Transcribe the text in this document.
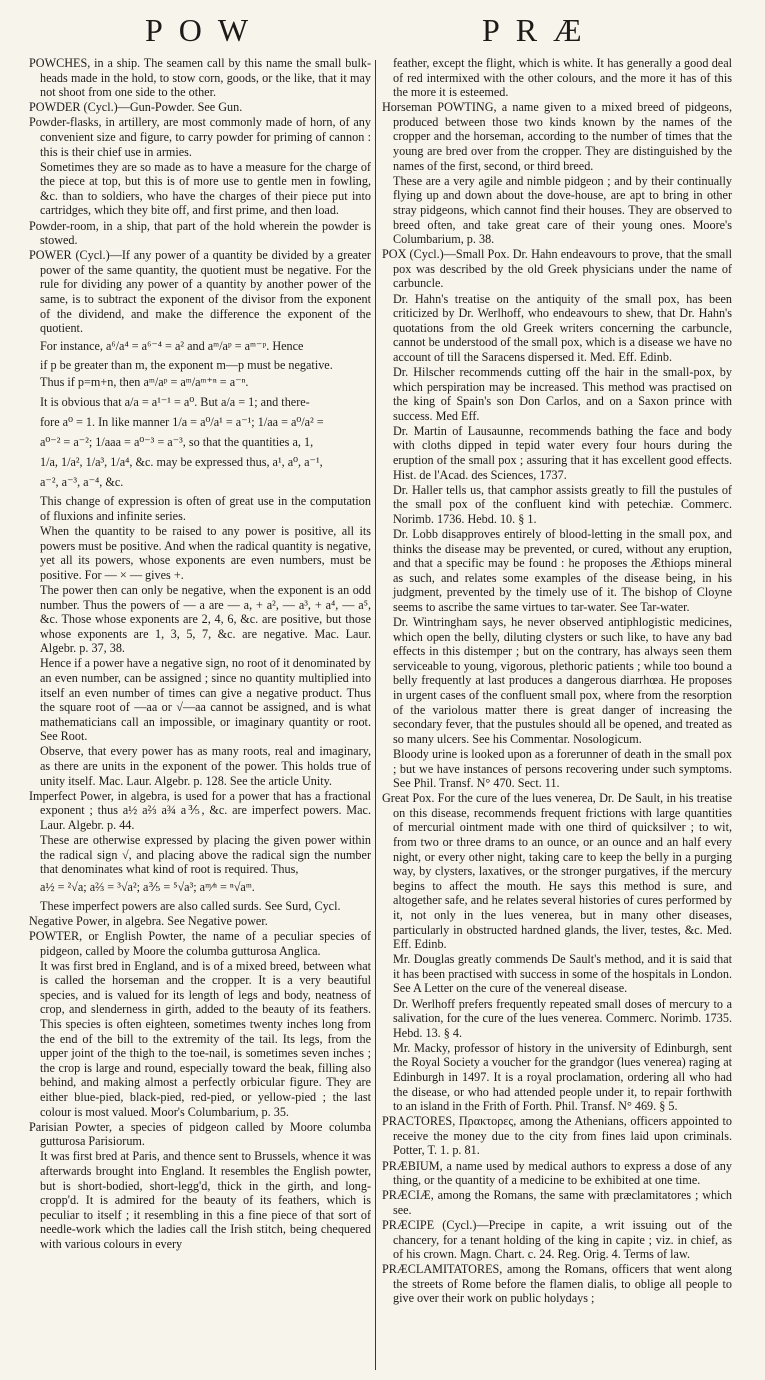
POW	PRÆ

POWCHES, in a ship. The seamen call by this name the small bulk-heads made in the hold, to stow corn, goods, or the like, that it may not shoot from one side to the other.

POWDER (Cycl.)—Gun-Powder. See Gun.

Powder-flasks, in artillery, are most commonly made of horn, of any convenient size and figure, to carry powder for priming of cannon : this is their chief use in armies.

Sometimes they are so made as to have a measure for the charge of the piece at top, but this is of more use to gentle men in fowling, &c. than to soldiers, who have the charges of their piece put into cartridges, which they bite off, and first prime, and then load.

Powder-room, in a ship, that part of the hold wherein the powder is stowed.

POWER (Cycl.)—If any power of a quantity be divided by a greater power of the same quantity, the quotient must be negative. For the rule for dividing any power of a quantity by another power of the same, is to subtract the exponent of the divisor from the exponent of the dividend, and make the difference the exponent of the quotient.

For instance, a⁶/a⁴ = a⁶⁻⁴ = a² and aᵐ/aᵖ = aᵐ⁻ᵖ. Hence

if p be greater than m, the exponent m—p must be negative.

Thus if p=m+n, then aᵐ/aᵖ = aᵐ/aᵐ⁺ⁿ = a⁻ⁿ.

It is obvious that a/a = a¹⁻¹ = a⁰. But a/a = 1; and there-

fore a⁰ = 1. In like manner 1/a = a⁰/a¹ = a⁻¹; 1/aa = a⁰/a² =

a⁰⁻² = a⁻²; 1/aaa = a⁰⁻³ = a⁻³, so that the quantities a, 1,

1/a, 1/a², 1/a³, 1/a⁴, &c. may be expressed thus, a¹, a⁰, a⁻¹,

a⁻², a⁻³, a⁻⁴, &c.

This change of expression is often of great use in the computation of fluxions and infinite series.

When the quantity to be raised to any power is positive, all its powers must be positive. And when the radical quantity is negative, yet all its powers, whose exponents are even numbers, must be positive. For — × — gives +.

The power then can only be negative, when the exponent is an odd number. Thus the powers of — a are — a, + a², — a³, + a⁴, — a⁵, &c. Those whose exponents are 2, 4, 6, &c. are positive, but those whose exponents are 1, 3, 5, 7, &c. are negative. Mac. Laur. Algebr. p. 37, 38.

Hence if a power have a negative sign, no root of it denominated by an even number, can be assigned ; since no quantity multiplied into itself an even number of times can give a negative product. Thus the square root of —aa or √—aa cannot be assigned, and is what mathematicians call an impossible, or imaginary quantity or root. See Root.

Observe, that every power has as many roots, real and imaginary, as there are units in the exponent of the power. This holds true of unity itself. Mac. Laur. Algebr. p. 128. See the article Unity.

Imperfect Power, in algebra, is used for a power that has a fractional exponent ; thus a½ a⅔ a¾ a⅗, &c. are imperfect powers. Mac. Laur. Algebr. p. 44.

These are otherwise expressed by placing the given power within the radical sign √, and placing above the radical sign the number that denominates what kind of root is required. Thus,

a½ = ²√a; a⅔ = ³√a²; a⅗ = ⁵√a³; aᵐ⁄ⁿ = ⁿ√aᵐ.

These imperfect powers are also called surds. See Surd, Cycl.

Negative Power, in algebra. See Negative power.

POWTER, or English Powter, the name of a peculiar species of pidgeon, called by Moore the columba gutturosa Anglica.

It was first bred in England, and is of a mixed breed, between what is called the horseman and the cropper. It is a very beautiful species, and is valued for its length of legs and body, neatness of crop, and slenderness in girth, added to the beauty of its feathers. This species is often eighteen, sometimes twenty inches long from the end of the bill to the extremity of the tail. Its legs, from the upper joint of the thigh to the toe-nail, is sometimes seven inches ; the crop is large and round, especially toward the beak, filling also behind, and making almost a perfectly orbicular figure. They are either blue-pied, black-pied, red-pied, or yellow-pied ; the last colour is most valued. Moor's Columbarium, p. 35.

Parisian Powter, a species of pidgeon called by Moore columba gutturosa Parisiorum.

It was first bred at Paris, and thence sent to Brussels, whence it was afterwards brought into England. It resembles the English powter, but is short-bodied, short-legg'd, thick in the girth, and long-cropp'd. It is admired for the beauty of its feathers, which is peculiar to itself ; it resembling in this a fine piece of that sort of needle-work which the ladies call the Irish stitch, being chequered with various colours in every

feather, except the flight, which is white. It has generally a good deal of red intermixed with the other colours, and the more it has of this the more it is esteemed.

Horseman POWTING, a name given to a mixed breed of pidgeons, produced between those two kinds known by the names of the cropper and the horseman, according to the number of times that the young are bred over from the cropper. They are distinguished by the names of the first, second, or third breed.

These are a very agile and nimble pidgeon ; and by their continually flying up and down about the dove-house, are apt to bring in other stray pidgeons, which cannot find their houses. They are observed to breed often, and take great care of their young ones. Moore's Columbarium, p. 38.

POX (Cycl.)—Small Pox. Dr. Hahn endeavours to prove, that the small pox was described by the old Greek physicians under the name of carbuncle.

Dr. Hahn's treatise on the antiquity of the small pox, has been criticized by Dr. Werlhoff, who endeavours to shew, that Dr. Hahn's quotations from the old Greek writers concerning the carbuncle, cannot be understood of the small pox, which is a disease we have no account of till the Saracens dispersed it. Med. Eff. Edinb.

Dr. Hilscher recommends cutting off the hair in the small-pox, by which perspiration may be increased. This method was practised on the king of Spain's son Don Carlos, and on a Saxon prince with success. Med Eff.

Dr. Martin of Lausaunne, recommends bathing the face and body with cloths dipped in tepid water every four hours during the eruption of the small pox ; assuring that it has excellent good effects. Hist. de l'Acad. des Sciences, 1737.

Dr. Haller tells us, that camphor assists greatly to fill the pustules of the small pox of the confluent kind with petechiæ. Commerc. Norimb. 1736. Hebd. 10. § 1.

Dr. Lobb disapproves entirely of blood-letting in the small pox, and thinks the disease may be prevented, or cured, without any eruption, and that a specific may be found : he proposes the Æthiops mineral as such, and relates some examples of the disease being, in his judgment, prevented by the timely use of it. The bishop of Cloyne seems to ascribe the same virtues to tar-water. See Tar-water.

Dr. Wintringham says, he never observed antiphlogistic medicines, which open the belly, diluting clysters or such like, to have any bad effects in this distemper ; but on the contrary, has always seen them serviceable to young, vigorous, plethoric patients ; while too bound a belly frequently at last produces a dangerous diarrhœa. He proposes in urgent cases of the confluent small pox, where from the resorption of the variolous matter there is great danger of increasing the secondary fever, that the pustules should all be opened, and treated as so many ulcers. See his Commentar. Nosologicum.

Bloody urine is looked upon as a forerunner of death in the small pox ; but we have instances of persons recovering under such symptoms. See Phil. Transf. N° 470. Sect. 11.

Great Pox. For the cure of the lues venerea, Dr. De Sault, in his treatise on this disease, recommends frequent frictions with large quantities of mercurial ointment made with one third of quicksilver ; to wit, from two or three drams to an ounce, or an ounce and an half every night, or every other night, taking care to keep the belly in a purging way, by clysters, laxatives, or the stronger purgatives, if the mercury begins to affect the mouth. He says this method is sure, and altogether safe, and he relates several histories of cures performed by it, not only in the lues venerea, but in many other diseases, particularly in obstructed hardned glands, the liver, testes, &c. Med. Eff. Edinb.

Mr. Douglas greatly commends De Sault's method, and it is said that it has been practised with success in some of the hospitals in London. See A Letter on the cure of the venereal disease.

Dr. Werlhoff prefers frequently repeated small doses of mercury to a salivation, for the cure of the lues venerea. Commerc. Norimb. 1735. Hebd. 13. § 4.

Mr. Macky, professor of history in the university of Edinburgh, sent the Royal Society a voucher for the grandgor (lues venerea) raging at Edinburgh in 1497. It is a royal proclamation, ordering all who had the disease, or who had attended people under it, to repair forthwith to an island in the Frith of Forth. Phil. Transf. N° 469. § 5.

PRACTORES, Πρακτορες, among the Athenians, officers appointed to receive the money due to the city from fines laid upon criminals. Potter, T. 1. p. 81.

PRÆBIUM, a name used by medical authors to express a dose of any thing, or the quantity of a medicine to be exhibited at one time.

PRÆCIÆ, among the Romans, the same with præclamitatores ; which see.

PRÆCIPE (Cycl.)—Precipe in capite, a writ issuing out of the chancery, for a tenant holding of the king in capite ; viz. in chief, as of his crown. Magn. Chart. c. 24. Reg. Orig. 4. Terms of law.

PRÆCLAMITATORES, among the Romans, officers that went along the streets of Rome before the flamen dialis, to oblige all people to give over their work on public holydays ;
